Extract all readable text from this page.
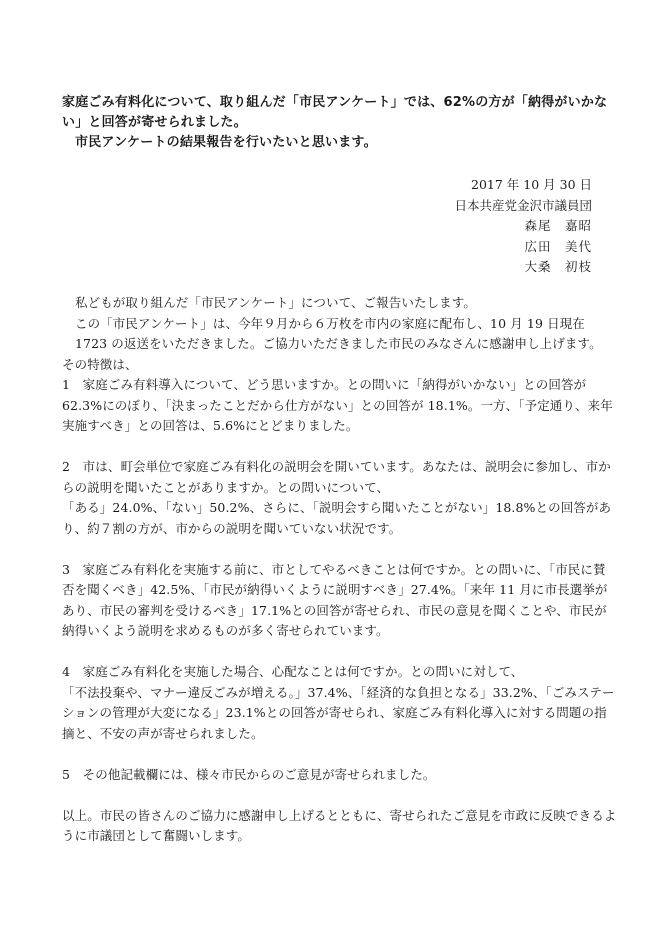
家庭ごみ有料化について、取り組んだ「市民アンケート」では、62%の方が「納得がいかない」と回答が寄せられました。

市民アンケートの結果報告を行いたいと思います。

2017 年 10 月 30 日
日本共産党金沢市議員団
森尾　嘉昭
広田　美代
大桑　初枝

私どもが取り組んだ「市民アンケート」について、ご報告いたします。

この「市民アンケート」は、今年９月から６万枚を市内の家庭に配布し、10 月 19 日現在 1723 の返送をいただきました。ご協力いただきました市民のみなさんに感謝申し上げます。

その特徴は、

1　家庭ごみ有料導入について、どう思いますか。との問いに「納得がいかない」との回答が 62.3%にのぼり、「決まったことだから仕方がない」との回答が 18.1%。一方、「予定通り、来年実施すべき」との回答は、5.6%にとどまりました。

2　市は、町会単位で家庭ごみ有料化の説明会を開いています。あなたは、説明会に参加し、市からの説明を聞いたことがありますか。との問いについて、

「ある」24.0%、「ない」50.2%、さらに、「説明会すら聞いたことがない」18.8%との回答があり、約７割の方が、市からの説明を聞いていない状況です。

3　家庭ごみ有料化を実施する前に、市としてやるべきことは何ですか。との問いに、「市民に賛否を聞くべき」42.5%、「市民が納得いくように説明すべき」27.4%。「来年 11 月に市長選挙があり、市民の審判を受けるべき」17.1%との回答が寄せられ、市民の意見を聞くことや、市民が納得いくよう説明を求めるものが多く寄せられています。

4　家庭ごみ有料化を実施した場合、心配なことは何ですか。との問いに対して、

「不法投棄や、マナー違反ごみが増える。」37.4%、「経済的な負担となる」33.2%、「ごみステーションの管理が大変になる」23.1%との回答が寄せられ、家庭ごみ有料化導入に対する問題の指摘と、不安の声が寄せられました。

5　その他記載欄には、様々市民からのご意見が寄せられました。

以上。市民の皆さんのご協力に感謝申し上げるとともに、寄せられたご意見を市政に反映できるように市議団として奮闘いします。
